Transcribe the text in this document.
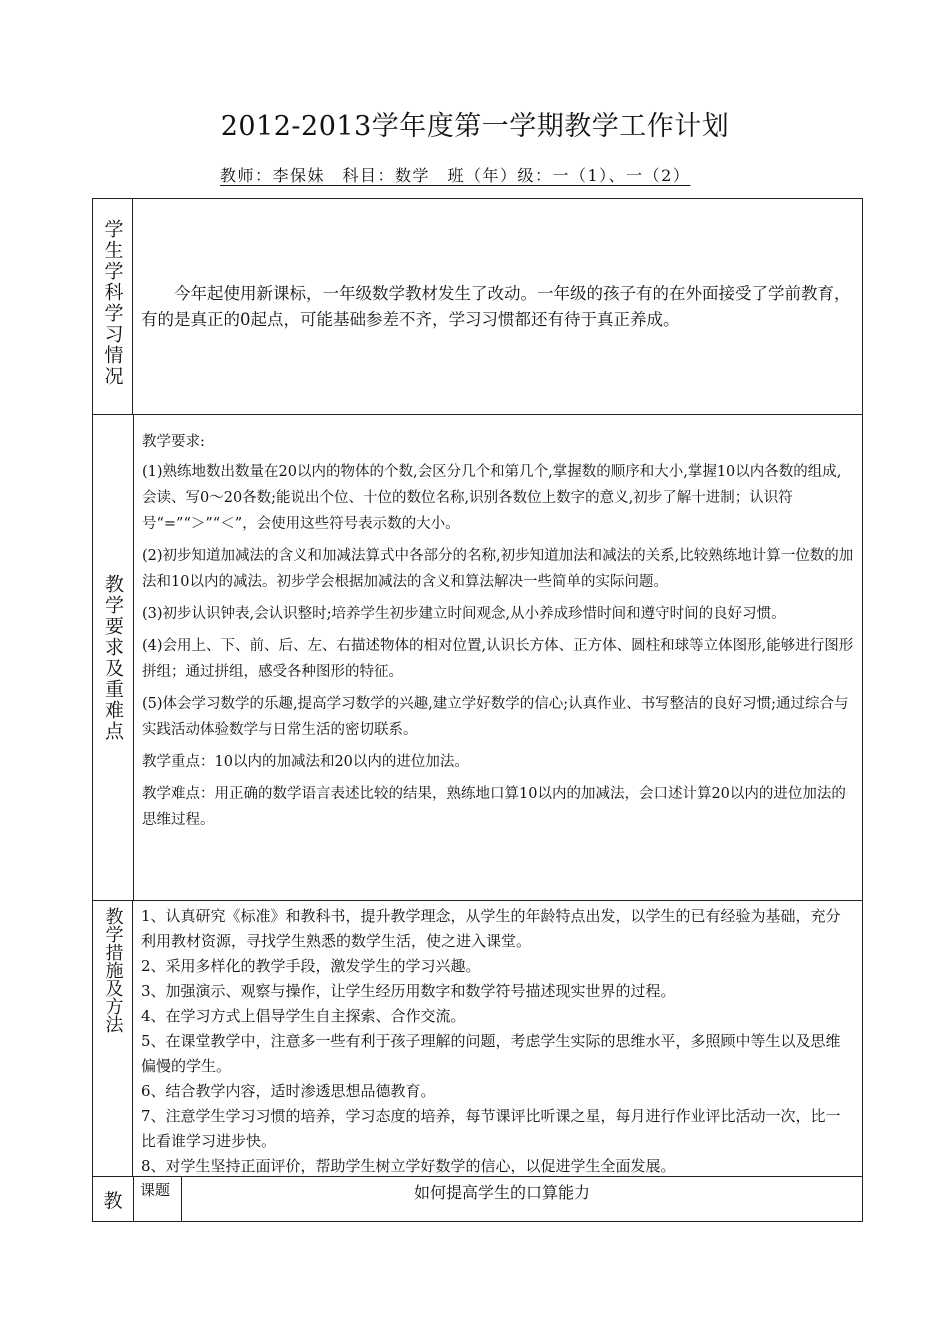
2012-2013学年度第一学期教学工作计划
教师：李保妹　科目：数学　班（年）级：一（1）、一（2）
学生学科学习情况	今年起使用新课标，一年级数学教材发生了改动。一年级的孩子有的在外面接受了学前教育，有的是真正的0起点，可能基础参差不齐，学习习惯都还有待于真正养成。

教学要求及重难点

教学要求:

(1)熟练地数出数量在20以内的物体的个数,会区分几个和第几个,掌握数的顺序和大小,掌握10以内各数的组成,会读、写0～20各数;能说出个位、十位的数位名称,识别各数位上数字的意义,初步了解十进制；认识符号“=”“＞”“＜”，会使用这些符号表示数的大小。

(2)初步知道加减法的含义和加减法算式中各部分的名称,初步知道加法和减法的关系,比较熟练地计算一位数的加法和10以内的减法。初步学会根据加减法的含义和算法解决一些简单的实际问题。

(3)初步认识钟表,会认识整时;培养学生初步建立时间观念,从小养成珍惜时间和遵守时间的良好习惯。

(4)会用上、下、前、后、左、右描述物体的相对位置,认识长方体、正方体、圆柱和球等立体图形,能够进行图形拼组；通过拼组，感受各种图形的特征。

(5)体会学习数学的乐趣,提高学习数学的兴趣,建立学好数学的信心;认真作业、书写整洁的良好习惯;通过综合与实践活动体验数学与日常生活的密切联系。

教学重点：10以内的加减法和20以内的进位加法。

教学难点：用正确的数学语言表述比较的结果，熟练地口算10以内的加减法，会口述计算20以内的进位加法的思维过程。

教学措施及方法	1、认真研究《标准》和教科书，提升教学理念，从学生的年龄特点出发，以学生的已有经验为基础，充分利用教材资源，寻找学生熟悉的数学生活，使之进入课堂。

2、采用多样化的教学手段，激发学生的学习兴趣。

3、加强演示、观察与操作，让学生经历用数字和数学符号描述现实世界的过程。

4、在学习方式上倡导学生自主探索、合作交流。

5、在课堂教学中，注意多一些有利于孩子理解的问题，考虑学生实际的思维水平，多照顾中等生以及思维偏慢的学生。

6、结合教学内容，适时渗透思想品德教育。

7、注意学生学习习惯的培养，学习态度的培养，每节课评比听课之星，每月进行作业评比活动一次，比一比看谁学习进步快。

8、对学生坚持正面评价，帮助学生树立学好数学的信心，以促进学生全面发展。

教	课题	如何提高学生的口算能力
